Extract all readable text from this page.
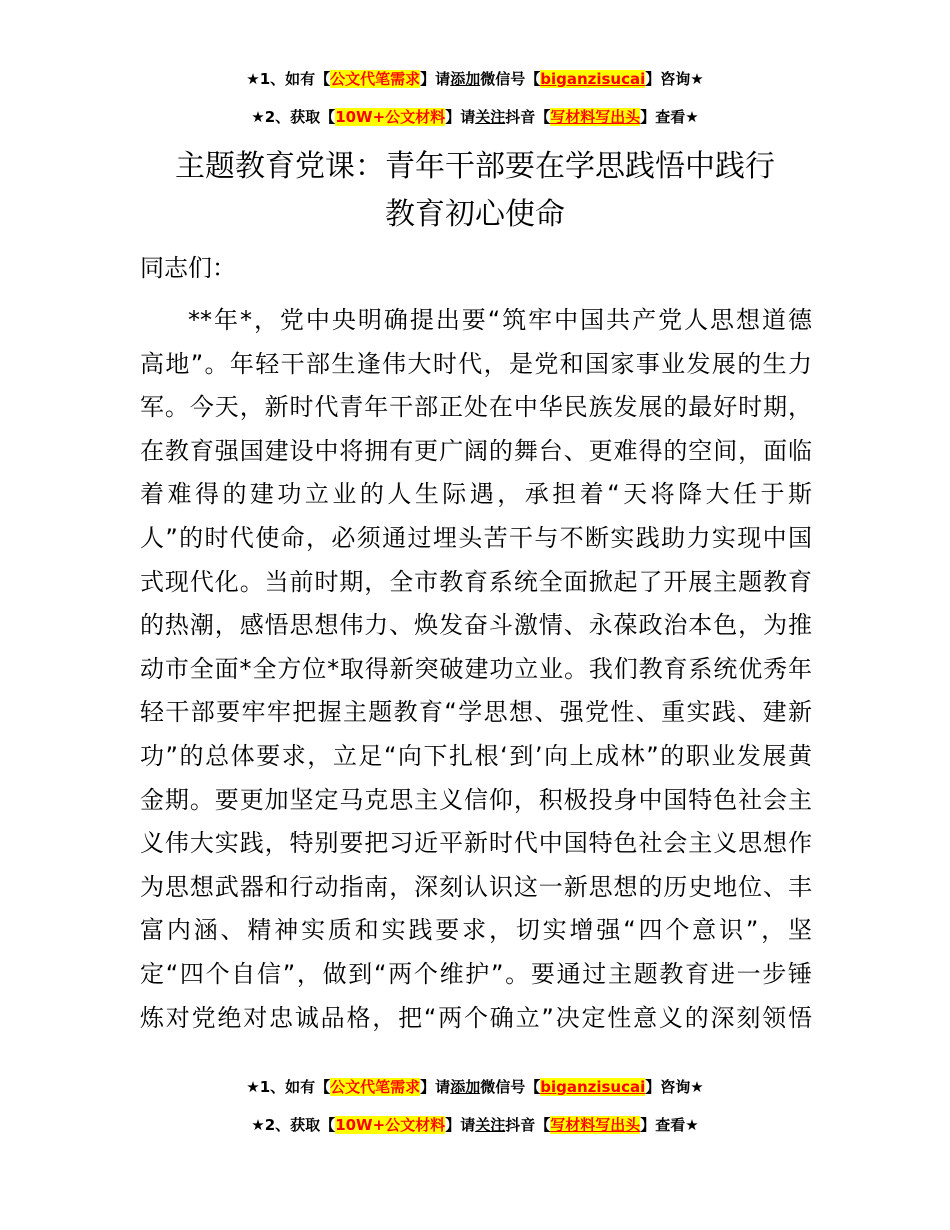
★1、如有【公文代笔需求】请添加微信号【biganzisucai】咨询★
★2、获取【10W+公文材料】请关注抖音【写材料写出头】查看★
主题教育党课：青年干部要在学思践悟中践行
教育初心使命
同志们：
**年*，党中央明确提出要“筑牢中国共产党人思想道德
高地”。年轻干部生逢伟大时代，是党和国家事业发展的生力
军。今天，新时代青年干部正处在中华民族发展的最好时期，
在教育强国建设中将拥有更广阔的舞台、更难得的空间，面临
着难得的建功立业的人生际遇，承担着“天将降大任于斯
人”的时代使命，必须通过埋头苦干与不断实践助力实现中国
式现代化。当前时期，全市教育系统全面掀起了开展主题教育
的热潮，感悟思想伟力、焕发奋斗激情、永葆政治本色，为推
动市全面*全方位*取得新突破建功立业。我们教育系统优秀年
轻干部要牢牢把握主题教育“学思想、强党性、重实践、建新
功”的总体要求，立足“向下扎根‘到’向上成林”的职业发展黄
金期。要更加坚定马克思主义信仰，积极投身中国特色社会主
义伟大实践，特别要把习近平新时代中国特色社会主义思想作
为思想武器和行动指南，深刻认识这一新思想的历史地位、丰
富内涵、精神实质和实践要求，切实增强“四个意识”，坚
定“四个自信”，做到“两个维护”。要通过主题教育进一步锤
炼对党绝对忠诚品格，把“两个确立”决定性意义的深刻领悟
★1、如有【公文代笔需求】请添加微信号【biganzisucai】咨询★
★2、获取【10W+公文材料】请关注抖音【写材料写出头】查看★
